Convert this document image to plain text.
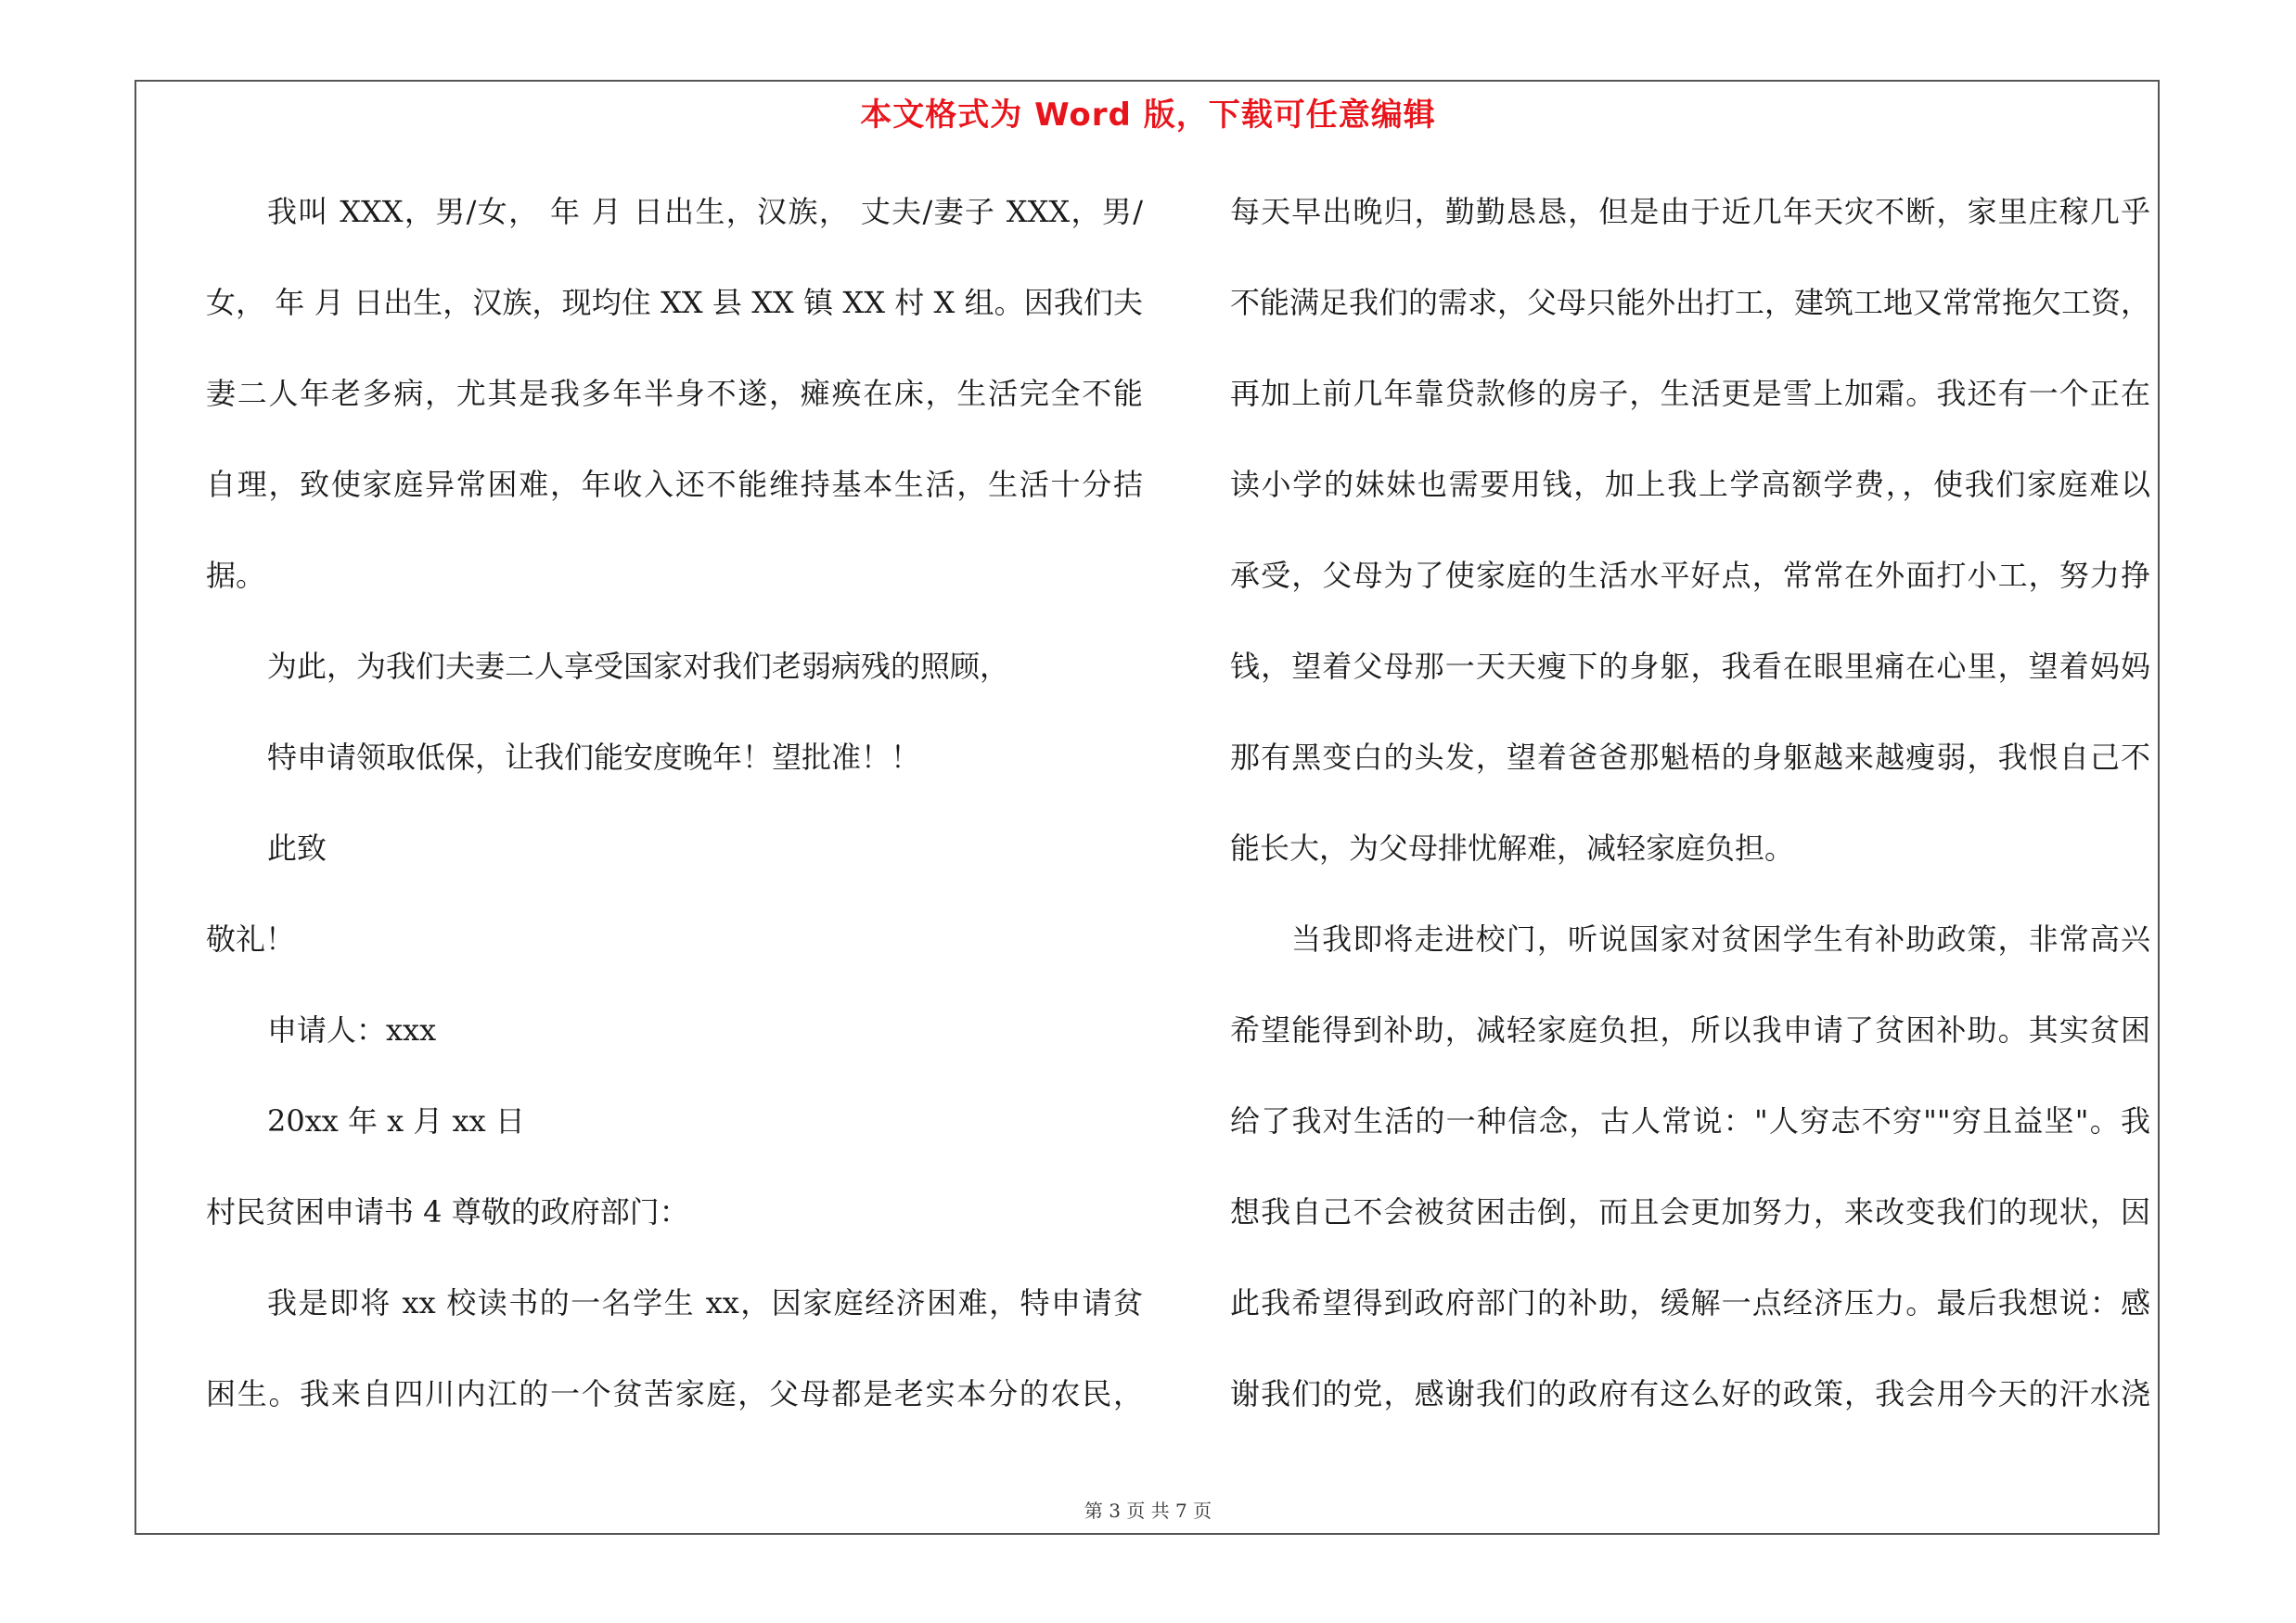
本文格式为 Word 版，下载可任意编辑
我叫 XXX，男/女， 年 月 日出生，汉族， 丈夫/妻子 XXX，男/
女， 年 月 日出生，汉族，现均住 XX 县 XX 镇 XX 村 X 组。因我们夫
妻二人年老多病，尤其是我多年半身不遂，瘫痪在床，生活完全不能
自理，致使家庭异常困难，年收入还不能维持基本生活，生活十分拮
据。
为此，为我们夫妻二人享受国家对我们老弱病残的照顾，
特申请领取低保，让我们能安度晚年！望批准！！
此致
敬礼！
申请人：xxx
20xx 年 x 月 xx 日
村民贫困申请书 4 尊敬的政府部门：
我是即将 xx 校读书的一名学生 xx，因家庭经济困难，特申请贫
困生。我来自四川内江的一个贫苦家庭，父母都是老实本分的农民，
每天早出晚归，勤勤恳恳，但是由于近几年天灾不断，家里庄稼几乎
不能满足我们的需求，父母只能外出打工，建筑工地又常常拖欠工资，
再加上前几年靠贷款修的房子，生活更是雪上加霜。我还有一个正在
读小学的妹妹也需要用钱，加上我上学高额学费，，使我们家庭难以
承受，父母为了使家庭的生活水平好点，常常在外面打小工，努力挣
钱，望着父母那一天天瘦下的身躯，我看在眼里痛在心里，望着妈妈
那有黑变白的头发，望着爸爸那魁梧的身躯越来越瘦弱，我恨自己不
能长大，为父母排忧解难，减轻家庭负担。
当我即将走进校门，听说国家对贫困学生有补助政策，非常高兴
希望能得到补助，减轻家庭负担，所以我申请了贫困补助。其实贫困
给了我对生活的一种信念，古人常说："人穷志不穷""穷且益坚"。我
想我自己不会被贫困击倒，而且会更加努力，来改变我们的现状，因
此我希望得到政府部门的补助，缓解一点经济压力。最后我想说：感
谢我们的党，感谢我们的政府有这么好的政策，我会用今天的汗水浇
第 3 页 共 7 页
